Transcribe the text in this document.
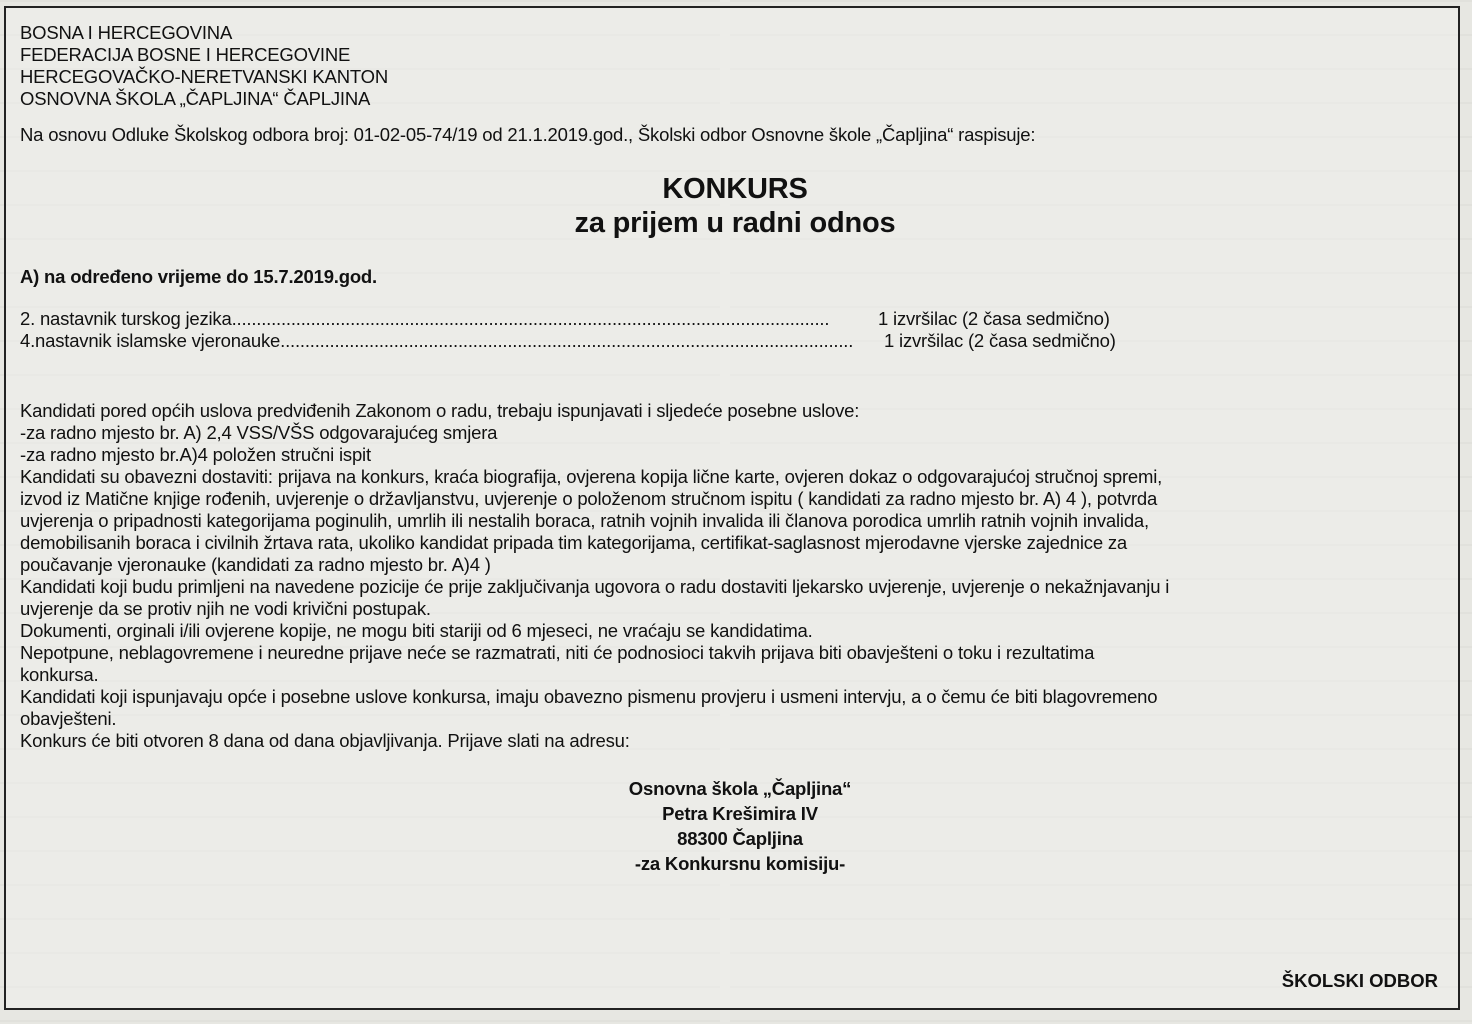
BOSNA I HERCEGOVINA
FEDERACIJA BOSNE I HERCEGOVINE
HERCEGOVAČKO-NERETVANSKI KANTON
OSNOVNA ŠKOLA „ČAPLJINA“ ČAPLJINA
Na osnovu Odluke Školskog odbora broj: 01-02-05-74/19 od 21.1.2019.god., Školski odbor Osnovne škole „Čapljina“ raspisuje:
KONKURS
za prijem u radni odnos
A) na određeno vrijeme do 15.7.2019.god.
2. nastavnik turskog jezika.........................................................................................................................	1 izvršilac (2 časa sedmično)
4.nastavnik islamske vjeronauke....................................................................................................................	1 izvršilac (2 časa sedmično)
Kandidati pored općih uslova predviđenih Zakonom o radu, trebaju ispunjavati i sljedeće posebne uslove:
-za radno mjesto br. A) 2,4 VSS/VŠS odgovarajućeg smjera
-za radno mjesto br.A)4 položen stručni ispit
Kandidati su obavezni dostaviti: prijava na konkurs, kraća biografija, ovjerena kopija lične karte, ovjeren dokaz o odgovarajućoj stručnoj spremi,
izvod iz Matične knjige rođenih, uvjerenje o državljanstvu, uvjerenje o položenom stručnom ispitu ( kandidati za radno mjesto br. A) 4 ), potvrda
uvjerenja o pripadnosti kategorijama poginulih, umrlih ili nestalih boraca, ratnih vojnih invalida ili članova porodica umrlih ratnih vojnih invalida,
demobilisanih boraca i civilnih žrtava rata, ukoliko kandidat pripada tim kategorijama, certifikat-saglasnost mjerodavne vjerske zajednice za
poučavanje vjeronauke (kandidati za radno mjesto br. A)4 )
Kandidati koji budu primljeni na navedene pozicije će prije zaključivanja ugovora o radu dostaviti ljekarsko uvjerenje, uvjerenje o nekažnjavanju i
uvjerenje da se protiv njih ne vodi krivični postupak.
Dokumenti, orginali i/ili ovjerene kopije, ne mogu biti stariji od 6 mjeseci, ne vraćaju se kandidatima.
Nepotpune, neblagovremene i neuredne prijave neće se razmatrati, niti će podnosioci takvih prijava biti obavješteni o toku i rezultatima
konkursa.
Kandidati koji ispunjavaju opće i posebne uslove konkursa, imaju obavezno pismenu provjeru i usmeni intervju, a o čemu će biti blagovremeno
obavješteni.
Konkurs će biti otvoren 8 dana od dana objavljivanja. Prijave slati na adresu:
Osnovna škola „Čapljina“
Petra Krešimira IV
88300 Čapljina
-za Konkursnu komisiju-
ŠKOLSKI ODBOR
